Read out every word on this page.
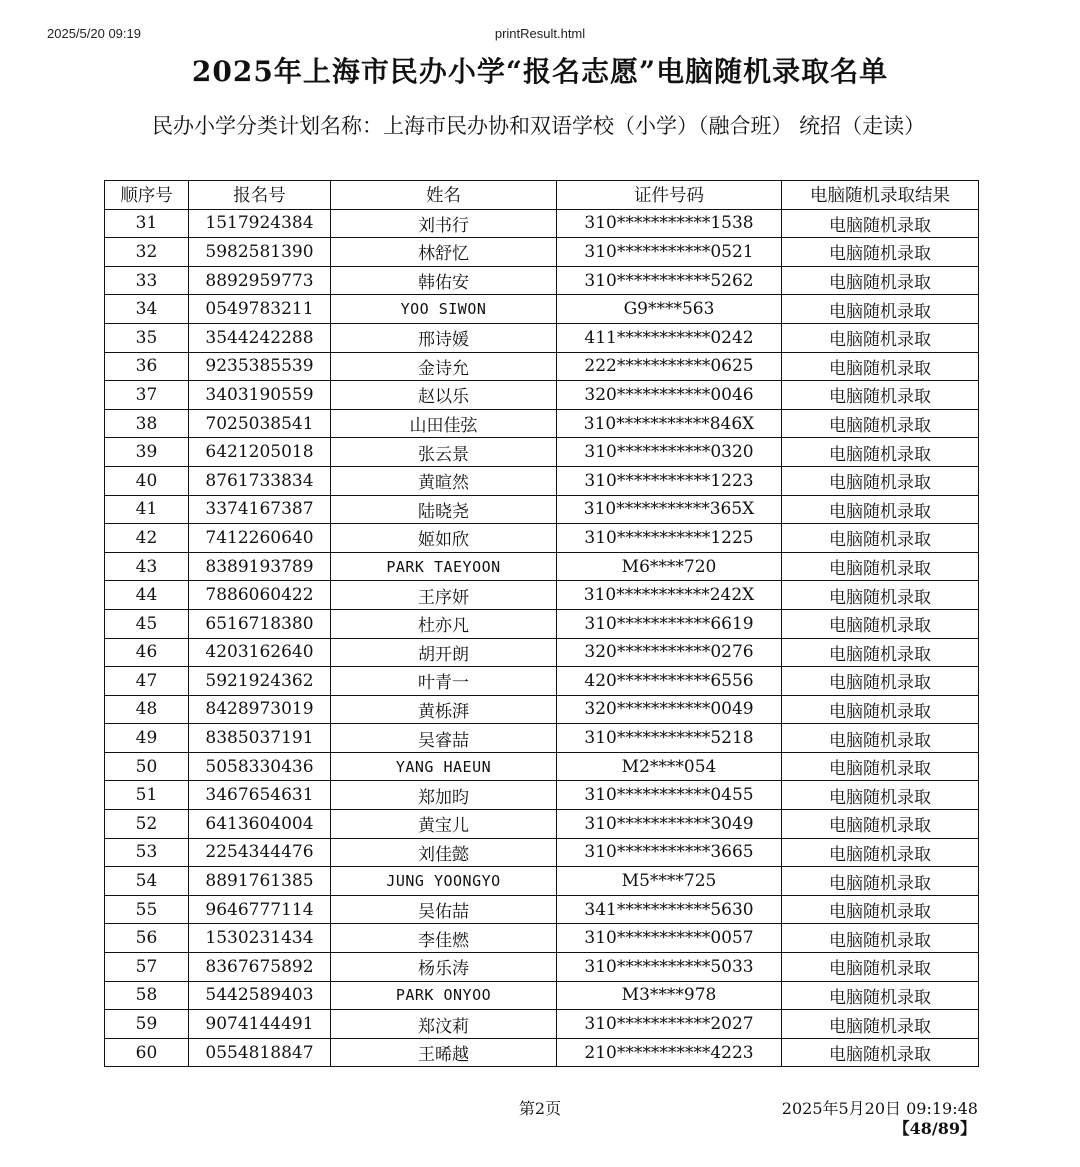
2025/5/20 09:19	printResult.html
2025年上海市民办小学“报名志愿”电脑随机录取名单

民办小学分类计划名称：上海市民办协和双语学校（小学）（融合班） 统招（走读）

顺序号	报名号	姓名	证件号码	电脑随机录取结果
31	1517924384	刘书行	310***********1538	电脑随机录取
32	5982581390	林舒忆	310***********0521	电脑随机录取
33	8892959773	韩佑安	310***********5262	电脑随机录取
34	0549783211	YOO SIWON	G9****563	电脑随机录取
35	3544242288	邢诗媛	411***********0242	电脑随机录取
36	9235385539	金诗允	222***********0625	电脑随机录取
37	3403190559	赵以乐	320***********0046	电脑随机录取
38	7025038541	山田佳弦	310***********846X	电脑随机录取
39	6421205018	张云景	310***********0320	电脑随机录取
40	8761733834	黄暄然	310***********1223	电脑随机录取
41	3374167387	陆晓尧	310***********365X	电脑随机录取
42	7412260640	姬如欣	310***********1225	电脑随机录取
43	8389193789	PARK TAEYOON	M6****720	电脑随机录取
44	7886060422	王序妍	310***********242X	电脑随机录取
45	6516718380	杜亦凡	310***********6619	电脑随机录取
46	4203162640	胡开朗	320***********0276	电脑随机录取
47	5921924362	叶青一	420***********6556	电脑随机录取
48	8428973019	黄栎湃	320***********0049	电脑随机录取
49	8385037191	吴睿喆	310***********5218	电脑随机录取
50	5058330436	YANG HAEUN	M2****054	电脑随机录取
51	3467654631	郑加昀	310***********0455	电脑随机录取
52	6413604004	黄宝儿	310***********3049	电脑随机录取
53	2254344476	刘佳懿	310***********3665	电脑随机录取
54	8891761385	JUNG YOONGYO	M5****725	电脑随机录取
55	9646777114	吴佑喆	341***********5630	电脑随机录取
56	1530231434	李佳燃	310***********0057	电脑随机录取
57	8367675892	杨乐涛	310***********5033	电脑随机录取
58	5442589403	PARK ONYOO	M3****978	电脑随机录取
59	9074144491	郑汶莉	310***********2027	电脑随机录取
60	0554818847	王晞越	210***********4223	电脑随机录取
第2页	2025年5月20日 09:19:48
【48/89】
